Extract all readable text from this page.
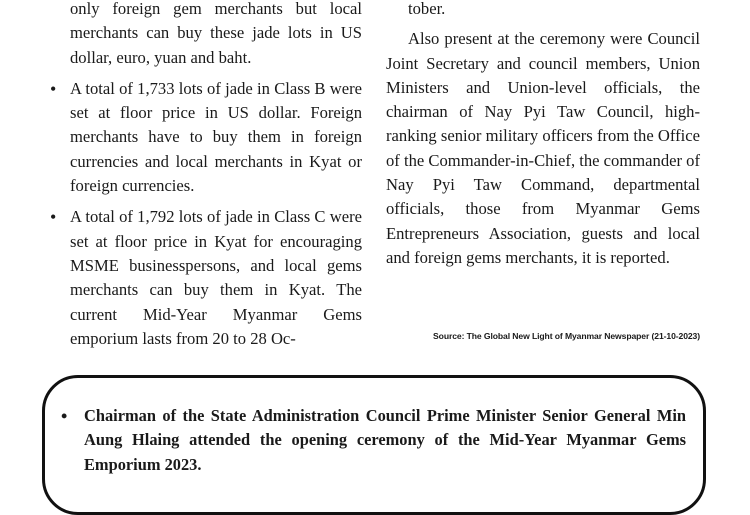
only foreign gem merchants but local merchants can buy these jade lots in US dollar, euro, yuan and baht.
• A total of 1,733 lots of jade in Class B were set at floor price in US dollar. Foreign merchants have to buy them in foreign currencies and local merchants in Kyat or foreign currencies.
• A total of 1,792 lots of jade in Class C were set at floor price in Kyat for encouraging MSME businesspersons, and local gems merchants can buy them in Kyat. The current Mid-Year Myanmar Gems emporium lasts from 20 to 28 Oc-

tober.

Also present at the ceremony were Council Joint Secretary and council members, Union Ministers and Union-level officials, the chairman of Nay Pyi Taw Council, high-ranking senior military officers from the Office of the Commander-in-Chief, the commander of Nay Pyi Taw Command, departmental officials, those from Myanmar Gems Entrepreneurs Association, guests and local and foreign gems merchants, it is reported.

Source: The Global New Light of Myanmar Newspaper (21-10-2023)
• Chairman of the State Administration Council Prime Minister Senior General Min Aung Hlaing attended the opening ceremony of the Mid-Year Myanmar Gems Emporium 2023.
